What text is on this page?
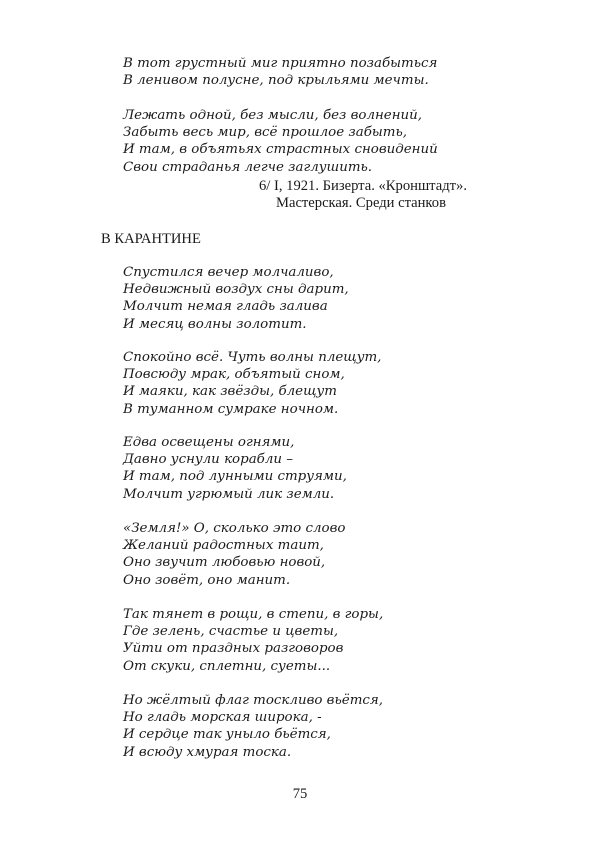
В тот грустный миг приятно позабыться
В ленивом полусне, под крыльями мечты.
Лежать одной, без мысли, без волнений,
Забыть весь мир, всё прошлое забыть,
И там, в объятьях страстных сновидений
Свои страданья легче заглушить.
6/ I, 1921. Бизерта. «Кронштадт».
Мастерская. Среди станков
В КАРАНТИНЕ
Спустился вечер молчаливо,
Недвижный воздух сны дарит,
Молчит немая гладь залива
И месяц волны золотит.
Спокойно всё. Чуть волны плещут,
Повсюду мрак, объятый сном,
И маяки, как звёзды, блещут
В туманном сумраке ночном.
Едва освещены огнями,
Давно уснули корабли –
И там, под лунными струями,
Молчит угрюмый лик земли.
«Земля!» О, сколько это слово
Желаний радостных таит,
Оно звучит любовью новой,
Оно зовёт, оно манит.
Так тянет в рощи, в степи, в горы,
Где зелень, счастье и цветы,
Уйти от праздных разговоров
От скуки, сплетни, суеты...
Но жёлтый флаг тоскливо вьётся,
Но гладь морская широка, -
И сердце так уныло бьётся,
И всюду хмурая тоска.
75
